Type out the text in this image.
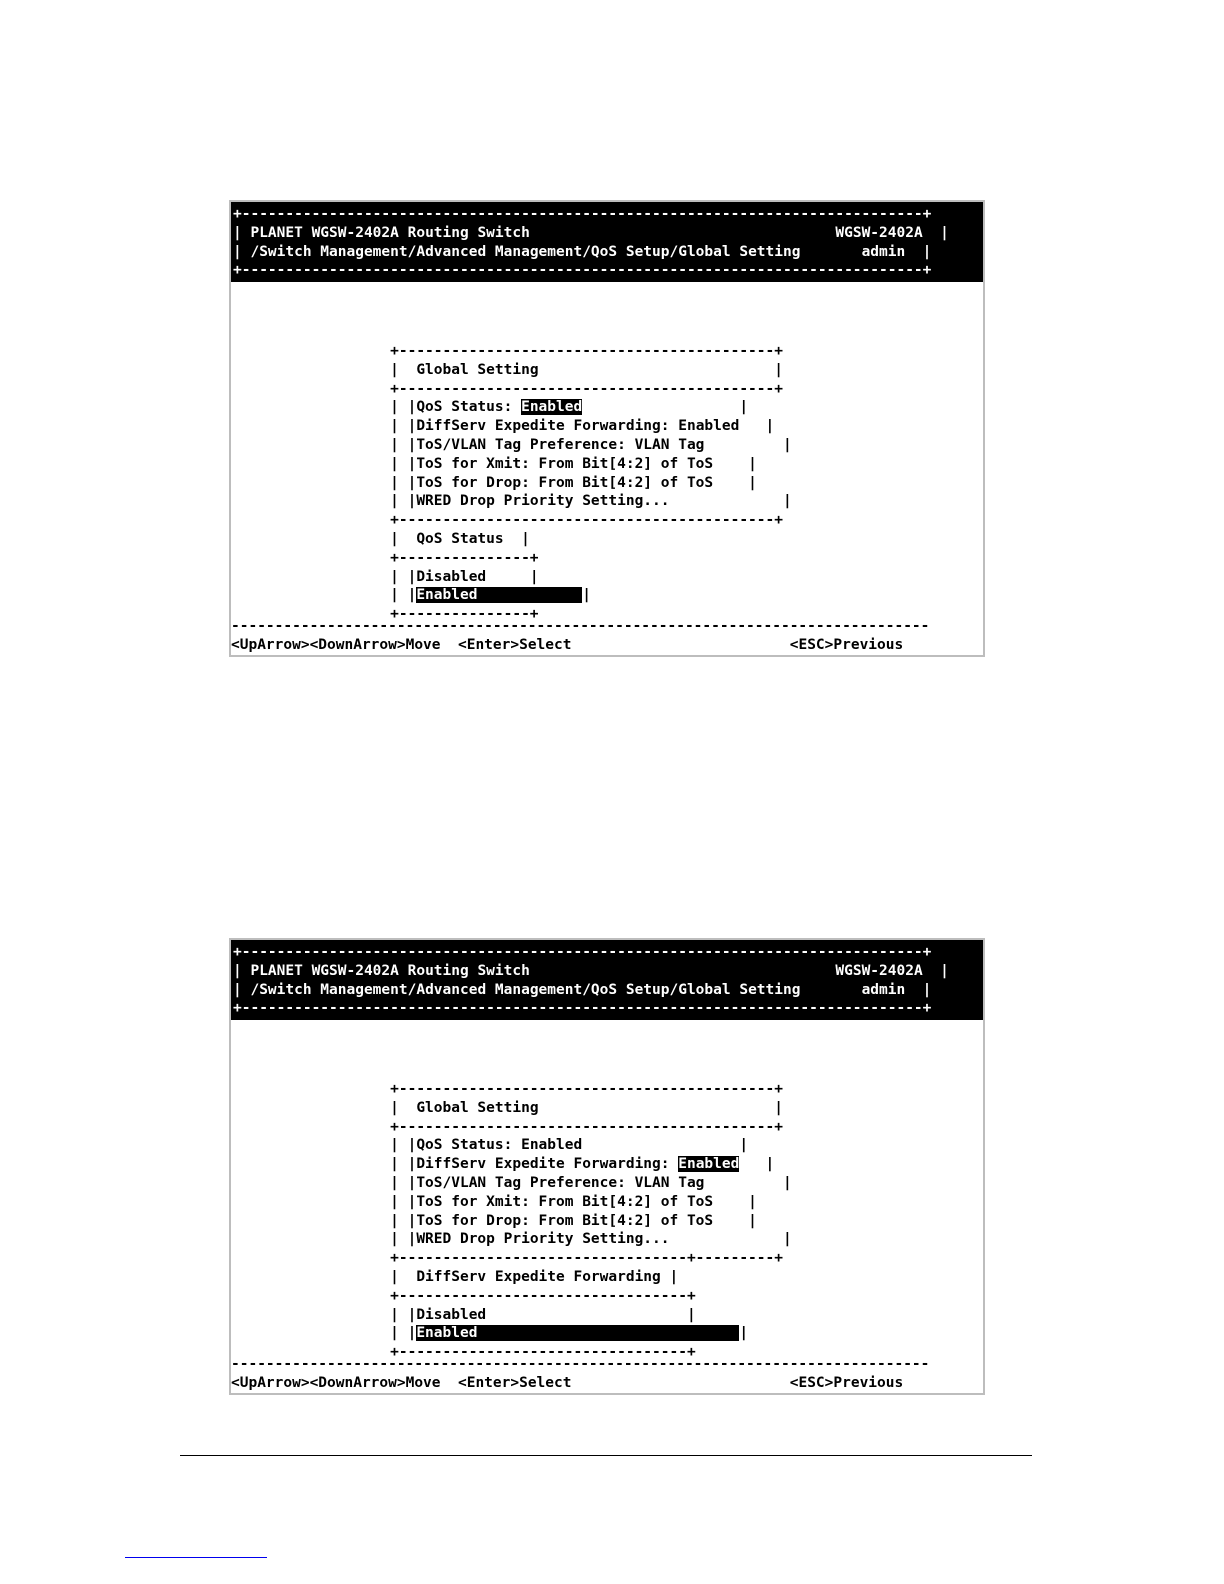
+------------------------------------------------------------------------------+
| PLANET WGSW-2402A Routing Switch	WGSW-2402A  |
| /Switch Management/Advanced Management/QoS Setup/Global Setting	admin  |
+------------------------------------------------------------------------------+
+-------------------------------------------+
|  Global Setting	|
+-------------------------------------------+
| |QoS Status: Enabled	|
| |DiffServ Expedite Forwarding: Enabled   |
| |ToS/VLAN Tag Preference: VLAN Tag	|
| |ToS for Xmit: From Bit[4:2] of ToS    |
| |ToS for Drop: From Bit[4:2] of ToS    |
| |WRED Drop Priority Setting...	|
+-------------------------------------------+
|  QoS Status  |
+---------------+
| |Disabled	|
| |Enabled	|
+---------------+
--------------------------------------------------------------------------------
<UpArrow><DownArrow>Move <Enter>Select	<ESC>Previous
+------------------------------------------------------------------------------+
| PLANET WGSW-2402A Routing Switch	WGSW-2402A  |
| /Switch Management/Advanced Management/QoS Setup/Global Setting	admin  |
+------------------------------------------------------------------------------+
+-------------------------------------------+
|  Global Setting	|
+-------------------------------------------+
| |QoS Status: Enabled	|
| |DiffServ Expedite Forwarding: Enabled   |
| |ToS/VLAN Tag Preference: VLAN Tag	|
| |ToS for Xmit: From Bit[4:2] of ToS    |
| |ToS for Drop: From Bit[4:2] of ToS    |
| |WRED Drop Priority Setting...	|
+---------------------------------+---------+
|  DiffServ Expedite Forwarding |
+---------------------------------+
| |Disabled	|
| |Enabled	|
+---------------------------------+
--------------------------------------------------------------------------------
<UpArrow><DownArrow>Move <Enter>Select	<ESC>Previous
